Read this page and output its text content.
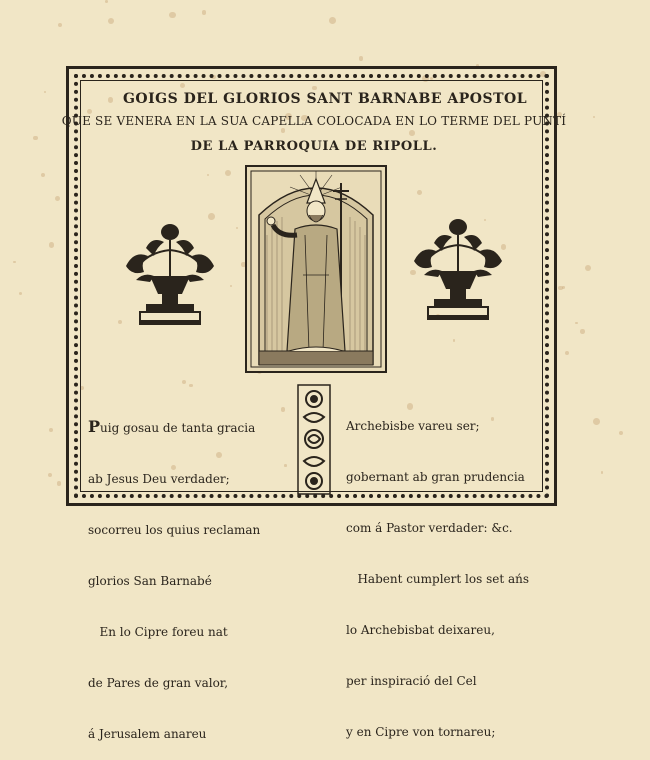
GOIGS DEL GLORIOS SANT BARNABE APOSTOL
QUE SE VENERA EN LA SUA CAPELLA COLOCADA EN LO TERME DEL PUNTÍ
DE LA PARROQUIA DE RIPOLL.

Puig gosau de tanta gracia

ab Jesus Deu verdader;

socorreu los quius reclaman

glorios San Barnabé

En lo Cipre foreu nat

de Pares de gran valor,

á Jerusalem anareu

Archebisbe vareu ser;

gobernant ab gran prudencia

com á Pastor verdader: &c.

Habent cumplert los set ańs

lo Archebisbat deixareu,

per inspiració del Cel

y en Cipre von tornareu;
